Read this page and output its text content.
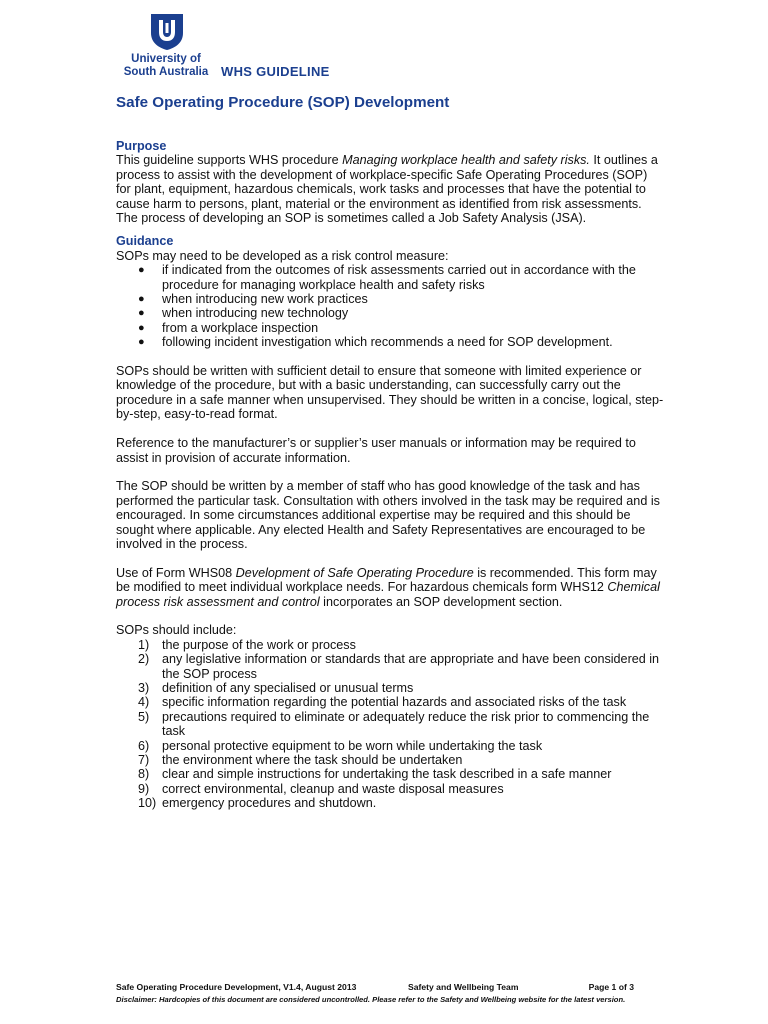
University of
South Australia WHS GUIDELINE
Safe Operating Procedure (SOP) Development
Purpose

This guideline supports WHS procedure Managing workplace health and safety risks. It outlines a process to assist with the development of workplace-specific Safe Operating Procedures (SOP) for plant, equipment, hazardous chemicals, work tasks and processes that have the potential to cause harm to persons, plant, material or the environment as identified from risk assessments. The process of developing an SOP is sometimes called a Job Safety Analysis (JSA).

Guidance

SOPs may need to be developed as a risk control measure:

● if indicated from the outcomes of risk assessments carried out in accordance with the procedure for managing workplace health and safety risks
● when introducing new work practices
● when introducing new technology
● from a workplace inspection
● following incident investigation which recommends a need for SOP development.

SOPs should be written with sufficient detail to ensure that someone with limited experience or knowledge of the procedure, but with a basic understanding, can successfully carry out the procedure in a safe manner when unsupervised. They should be written in a concise, logical, step-by-step, easy-to-read format.

Reference to the manufacturer’s or supplier’s user manuals or information may be required to assist in provision of accurate information.

The SOP should be written by a member of staff who has good knowledge of the task and has performed the particular task. Consultation with others involved in the task may be required and is encouraged. In some circumstances additional expertise may be required and this should be sought where applicable. Any elected Health and Safety Representatives are encouraged to be involved in the process.

Use of Form WHS08 Development of Safe Operating Procedure is recommended. This form may be modified to meet individual workplace needs. For hazardous chemicals form WHS12 Chemical process risk assessment and control incorporates an SOP development section.

SOPs should include:

1) the purpose of the work or process
2) any legislative information or standards that are appropriate and have been considered in the SOP process
3) definition of any specialised or unusual terms
4) specific information regarding the potential hazards and associated risks of the task
5) precautions required to eliminate or adequately reduce the risk prior to commencing the task
6) personal protective equipment to be worn while undertaking the task
7) the environment where the task should be undertaken
8) clear and simple instructions for undertaking the task described in a safe manner
9) correct environmental, cleanup and waste disposal measures
10) emergency procedures and shutdown.
Safe Operating Procedure Development, V1.4, August 2013	Safety and Wellbeing Team	Page 1 of 3
Disclaimer: Hardcopies of this document are considered uncontrolled. Please refer to the Safety and Wellbeing website for the latest version.
